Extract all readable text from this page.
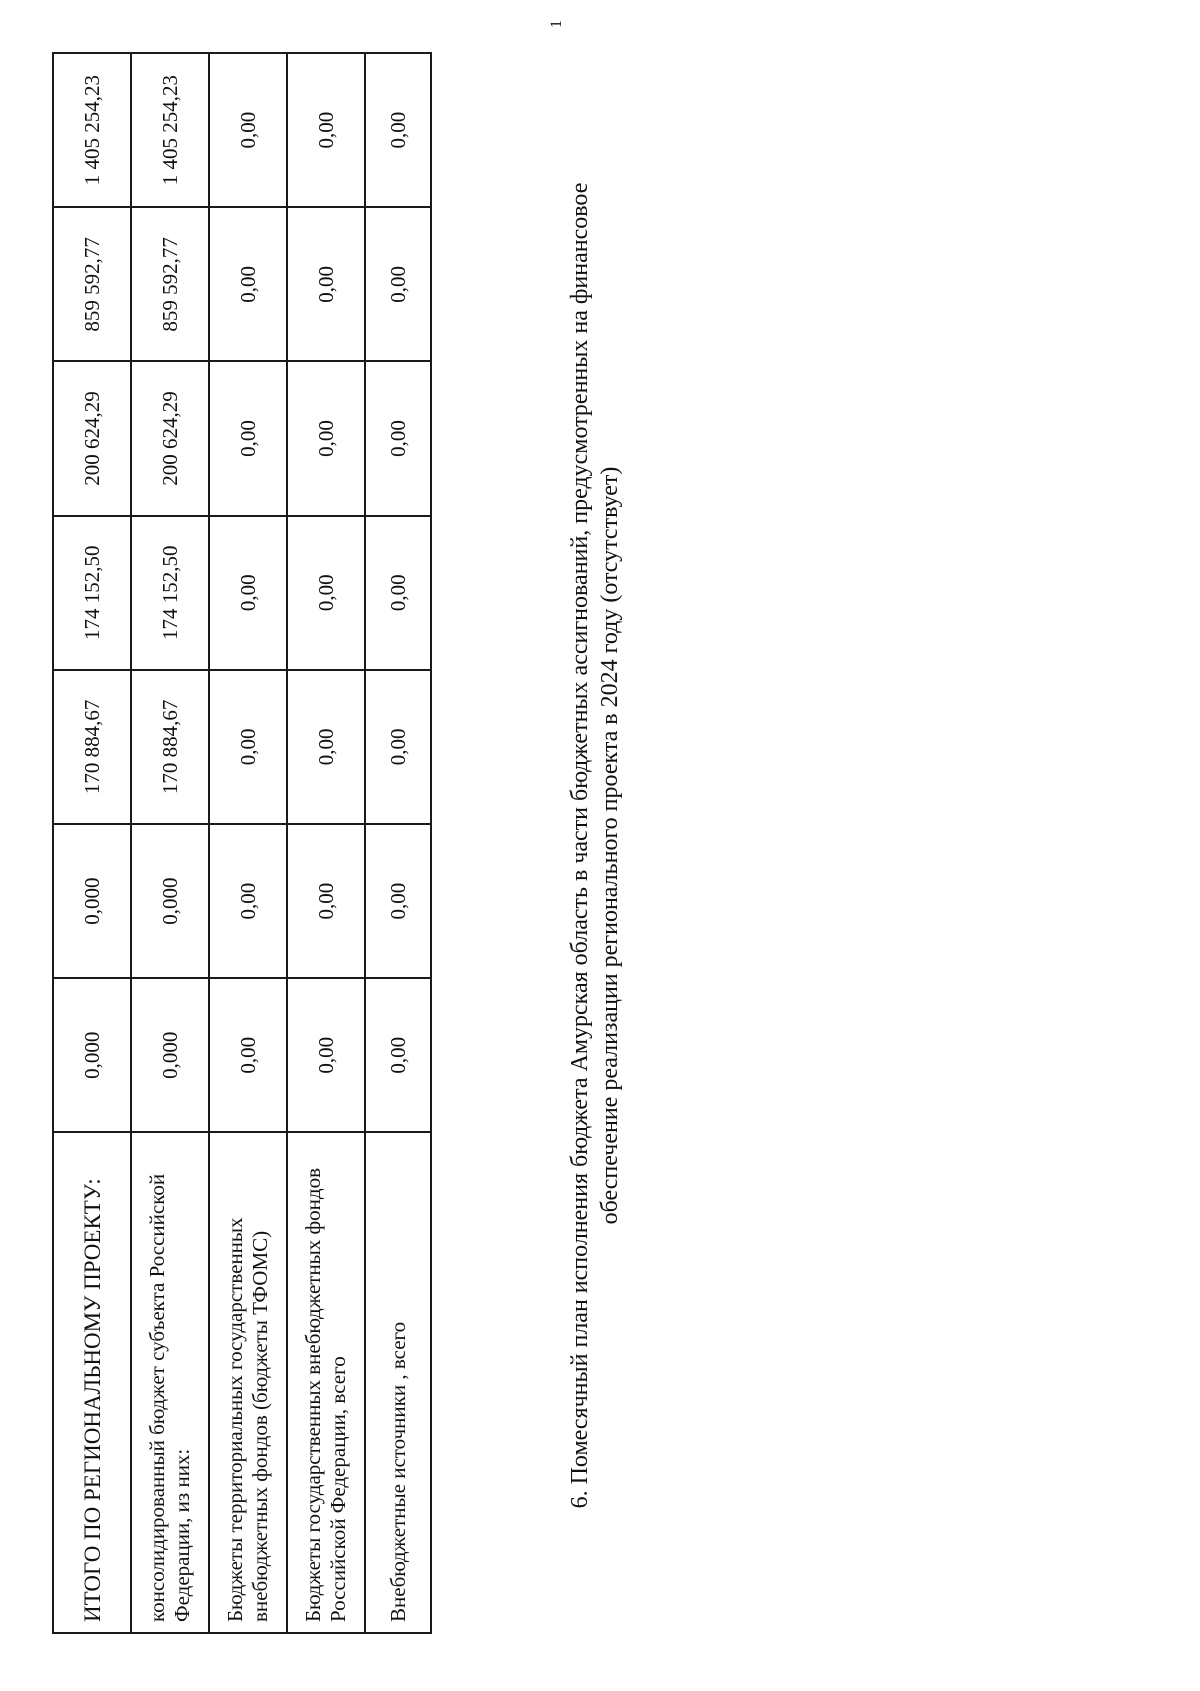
ИТОГО ПО РЕГИОНАЛЬНОМУ ПРОЕКТУ:	0,000	0,000	170 884,67	174 152,50	200 624,29	859 592,77	1 405 254,23
консолидированный бюджет субъекта Российской Федерации, из них:	0,000	0,000	170 884,67	174 152,50	200 624,29	859 592,77	1 405 254,23
Бюджеты территориальных государственных внебюджетных фондов (бюджеты ТФОМС)	0,00	0,00	0,00	0,00	0,00	0,00	0,00
Бюджеты государственных внебюджетных фондов Российской Федерации, всего	0,00	0,00	0,00	0,00	0,00	0,00	0,00
Внебюджетные источники , всего	0,00	0,00	0,00	0,00	0,00	0,00	0,00
6. Помесячный план исполнения бюджета Амурская область в части бюджетных ассигнований, предусмотренных на финансовое обеспечение реализации регионального проекта в 2024 году (отсутствует)
1
